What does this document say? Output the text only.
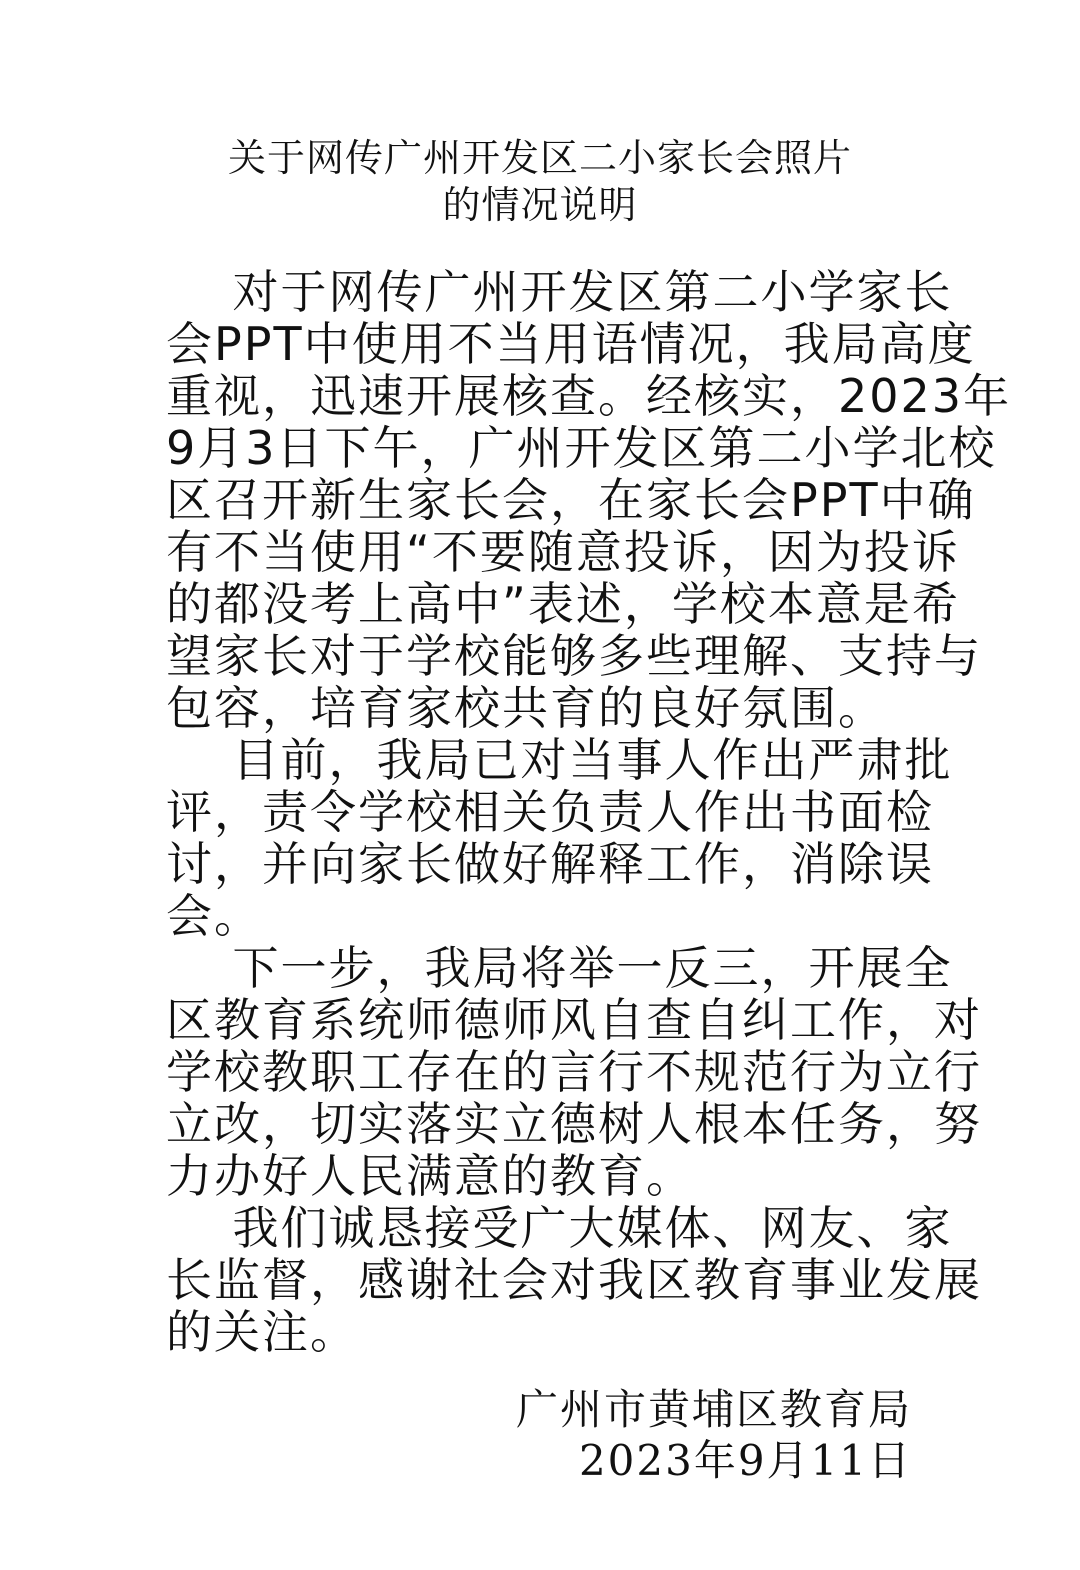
关于网传广州开发区二小家长会照片
的情况说明
对于网传广州开发区第二小学家长
会PPT中使用不当用语情况，我局高度
重视，迅速开展核查。经核实，2023年
9月3日下午，广州开发区第二小学北校
区召开新生家长会，在家长会PPT中确
有不当使用“不要随意投诉，因为投诉
的都没考上高中”表述，学校本意是希
望家长对于学校能够多些理解、支持与
包容，培育家校共育的良好氛围。
目前，我局已对当事人作出严肃批
评，责令学校相关负责人作出书面检
讨，并向家长做好解释工作，消除误
会。
下一步，我局将举一反三，开展全
区教育系统师德师风自查自纠工作，对
学校教职工存在的言行不规范行为立行
立改，切实落实立德树人根本任务，努
力办好人民满意的教育。
我们诚恳接受广大媒体、网友、家
长监督，感谢社会对我区教育事业发展
的关注。
广州市黄埔区教育局
2023年9月11日
